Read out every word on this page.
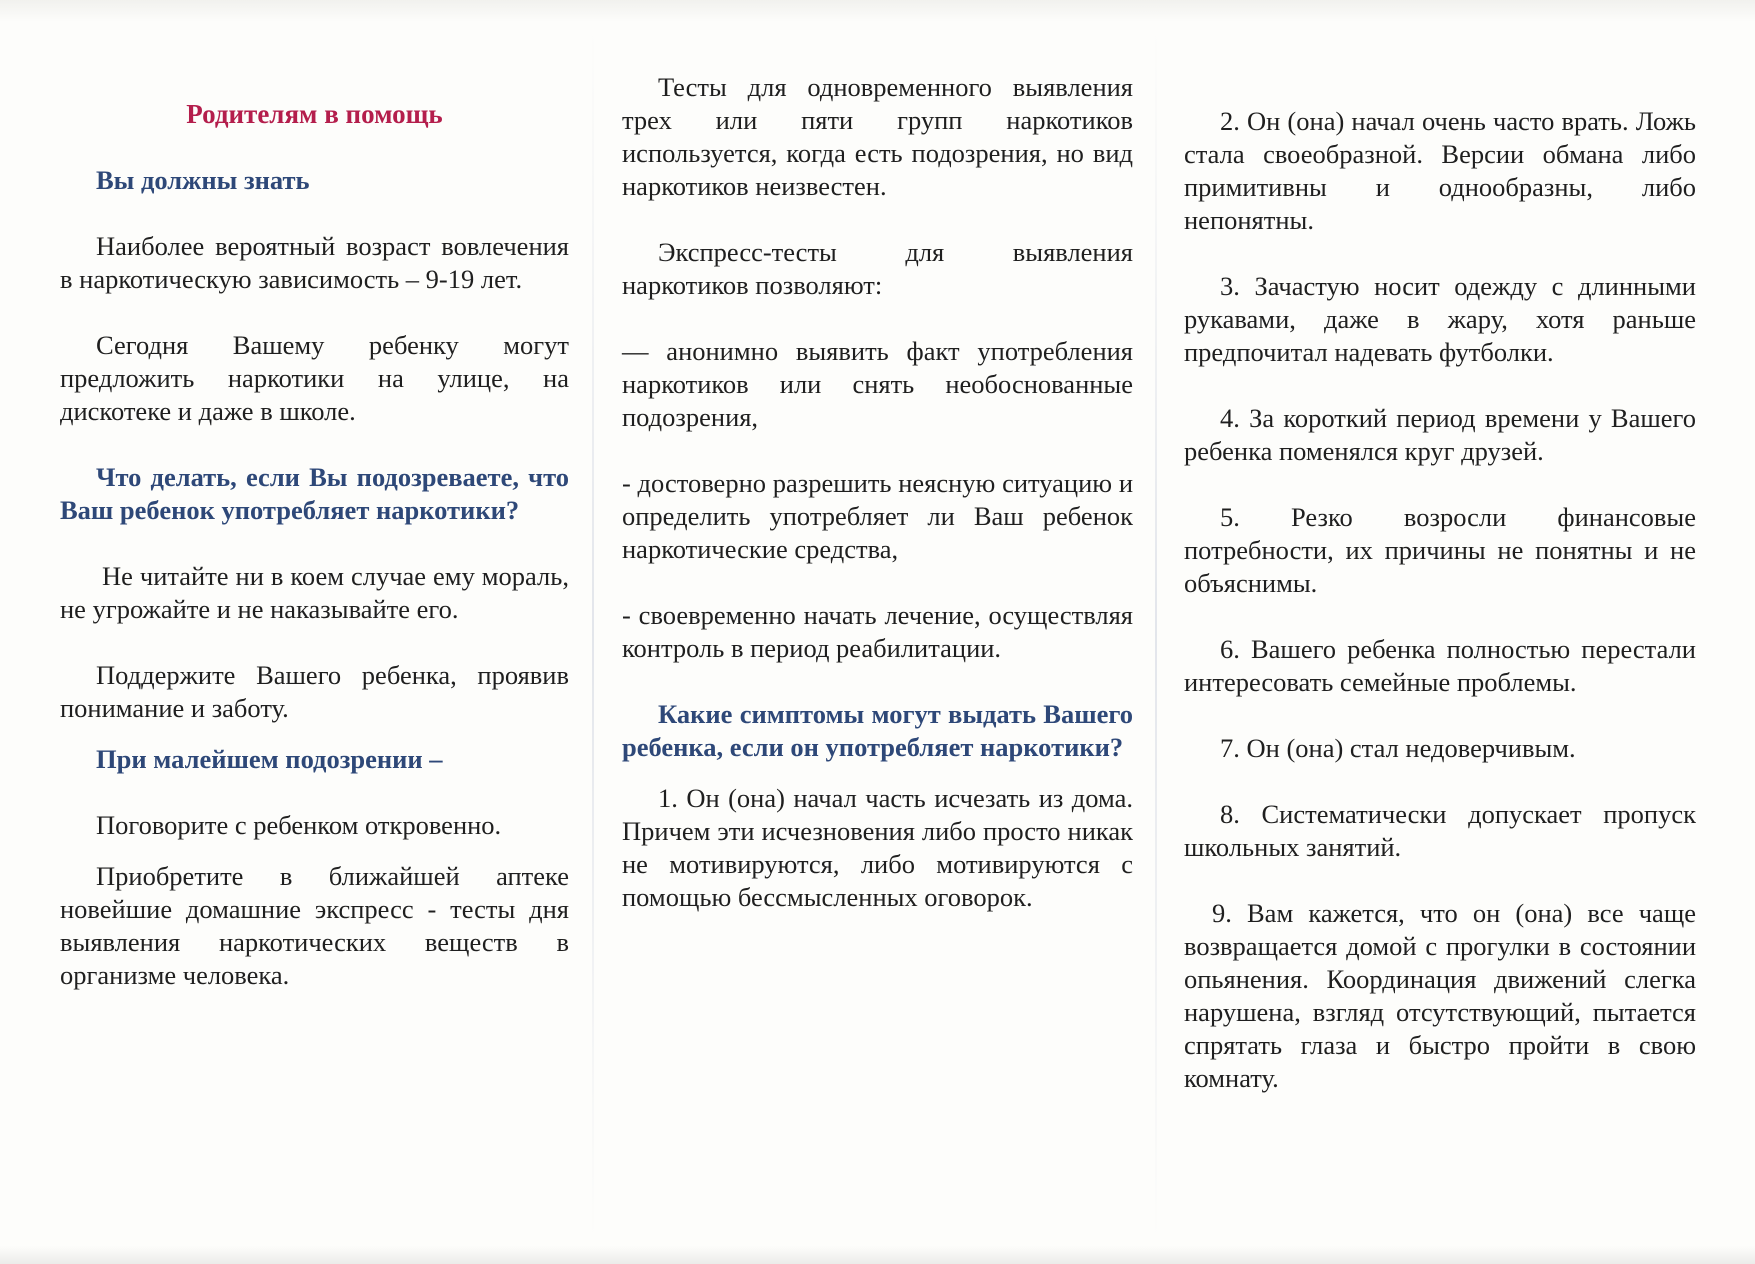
Родителям в помощь

Вы должны знать

Наиболее вероятный возраст вовлечения в наркотическую зависимость – 9-19 лет.

Сегодня Вашему ребенку могут предложить наркотики на улице, на дискотеке и даже в школе.

Что делать, если Вы подозреваете, что Ваш ребенок употребляет наркотики?

Не читайте ни в коем случае ему мораль, не угрожайте и не наказывайте его.

Поддержите Вашего ребенка, проявив понимание и заботу.

При малейшем подозрении –

Поговорите с ребенком откровенно.

Приобретите в ближайшей аптеке новейшие домашние экспресс - тесты дня выявления наркотических веществ в организме человека.

Тесты для одновременного выявления трех или пяти групп наркотиков используется, когда есть подозрения, но вид наркотиков неизвестен.

Экспресс-тесты для выявления наркотиков позволяют:

— анонимно выявить факт употребления наркотиков или снять необоснованные подозрения,

- достоверно разрешить неясную ситуацию и определить употребляет ли Ваш ребенок наркотические средства,

- своевременно начать лечение, осуществляя контроль в период реабилитации.

Какие симптомы могут выдать Вашего ребенка, если он употребляет наркотики?

1. Он (она) начал часть исчезать из дома. Причем эти исчезновения либо просто никак не мотивируются, либо мотивируются с помощью бессмысленных оговорок.

2. Он (она) начал очень часто врать. Ложь стала своеобразной. Версии обмана либо примитивны и однообразны, либо непонятны.

3. Зачастую носит одежду с длинными рукавами, даже в жару, хотя раньше предпочитал надевать футболки.

4. За короткий период времени у Вашего ребенка поменялся круг друзей.

5. Резко возросли финансовые потребности, их причины не понятны и не объяснимы.

6. Вашего ребенка полностью перестали интересовать семейные проблемы.

7. Он (она) стал недоверчивым.

8. Систематически допускает пропуск школьных занятий.

9. Вам кажется, что он (она) все чаще возвращается домой с прогулки в состоянии опьянения. Координация движений слегка нарушена, взгляд отсутствующий, пытается спрятать глаза и быстро пройти в свою комнату.
